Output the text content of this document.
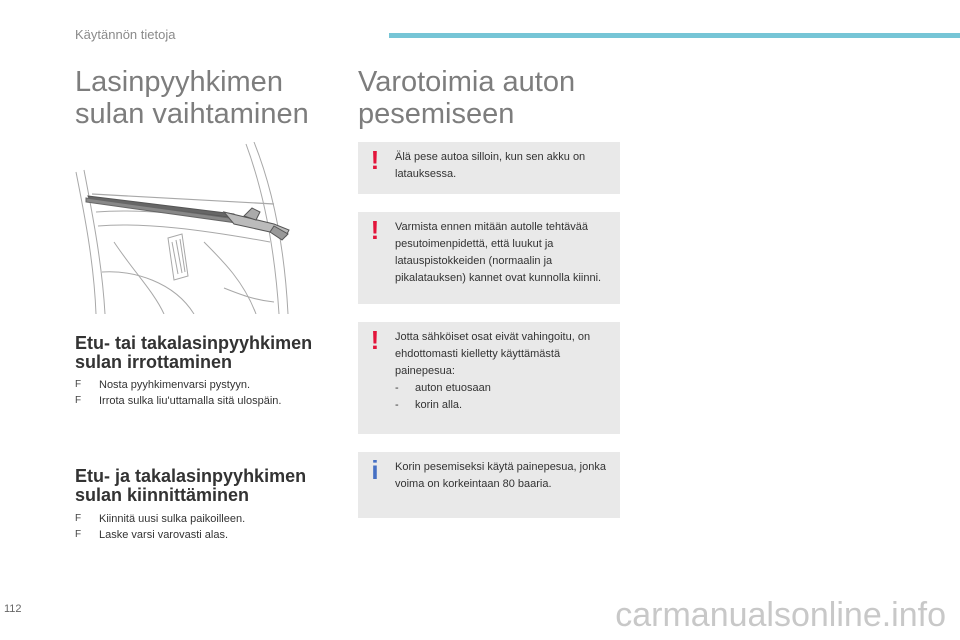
Käytännön tietoja
Lasinpyyhkimen
sulan vaihtaminen
Varotoimia auton
pesemiseen
Etu- tai takalasinpyyhkimen
sulan irrottaminen
F	Nosta pyyhkimenvarsi pystyyn.
F	Irrota sulka liu'uttamalla sitä ulospäin.
Etu- ja takalasinpyyhkimen
sulan kiinnittäminen
F	Kiinnitä uusi sulka paikoilleen.
F	Laske varsi varovasti alas.
! Älä pese autoa silloin, kun sen akku on latauksessa.

! Varmista ennen mitään autolle tehtävää pesutoimenpidettä, että luukut ja latauspistokkeiden (normaalin ja pikalatauksen) kannet ovat kunnolla kiinni.

! Jotta sähköiset osat eivät vahingoitu, on ehdottomasti kielletty käyttämästä painepesua:

-	auton etuosaan
-	korin alla.
i Korin pesemiseksi käytä painepesua, jonka voima on korkeintaan 80 baaria.

112	carmanualsonline.info
